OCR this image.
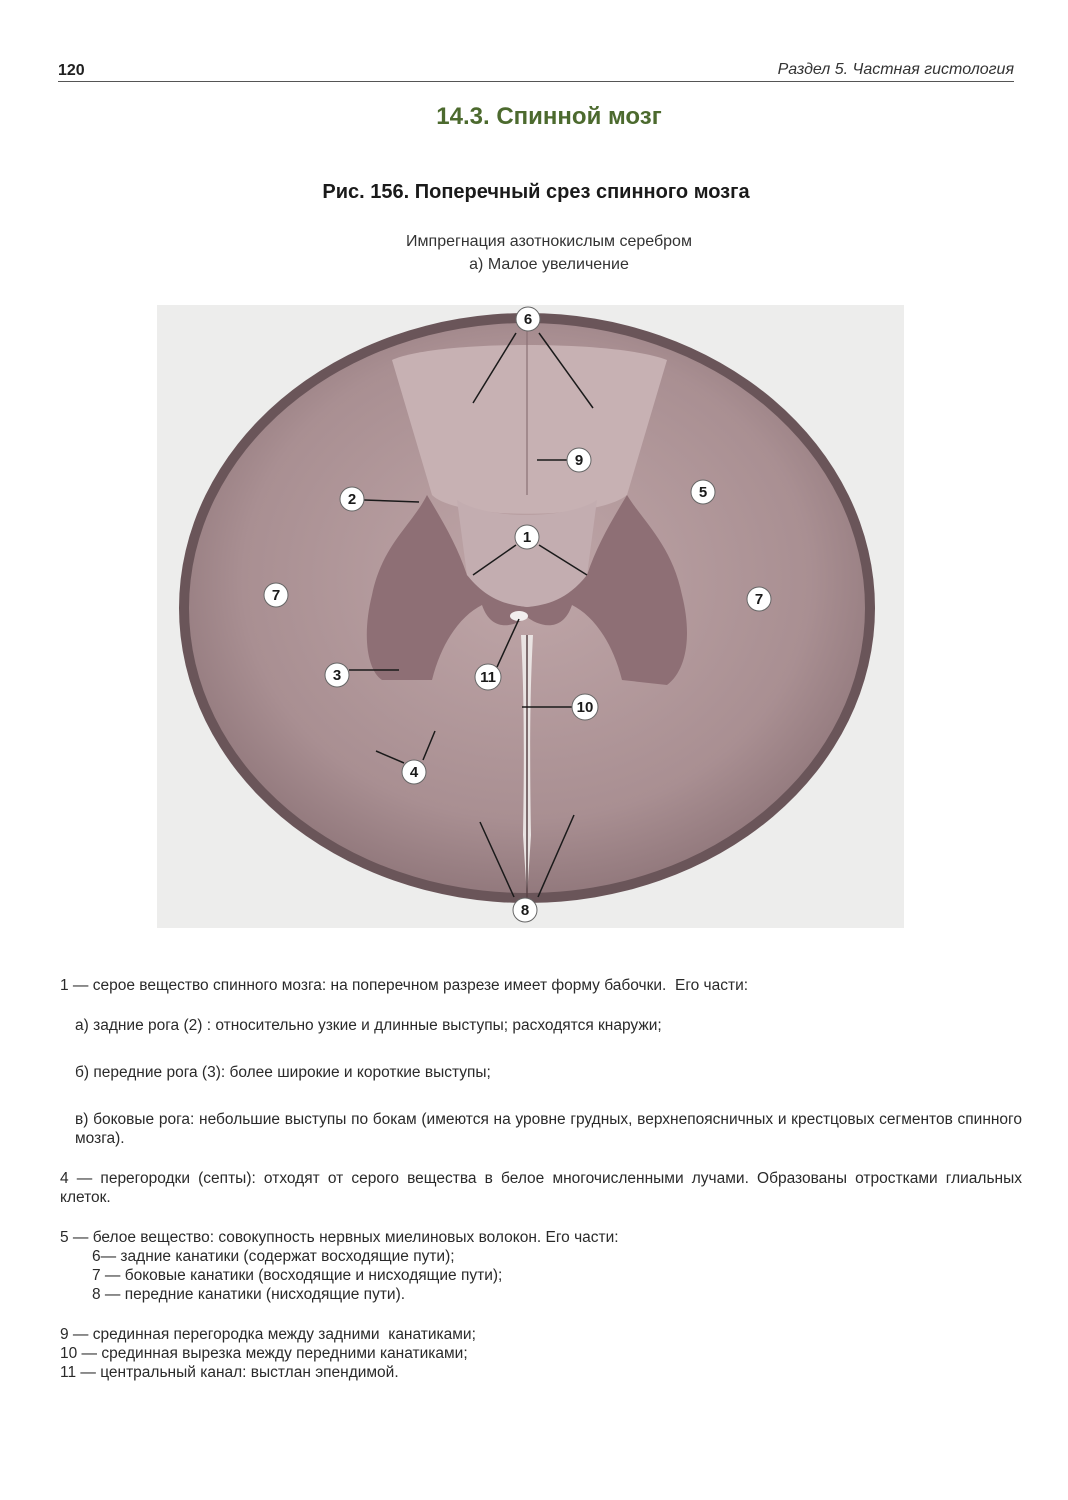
120	Раздел 5. Частная гистология
14.3. Спинной мозг
Рис. 156. Поперечный срез спинного мозга
Импрегнация азотнокислым серебром
а) Малое увеличение
6
9
2	5
1
7	7
3	11
10
4
8
1 — серое вещество спинного мозга: на поперечном разрезе имеет форму бабочки.  Его части:
а) задние рога (2) : относительно узкие и длинные выступы; расходятся кнаружи;
б) передние рога (3): более широкие и короткие выступы;
в) боковые рога: небольшие выступы по бокам (имеются на уровне грудных, верхнепоясничных и крестцовых сегментов спинного мозга).
4 — перегородки (септы): отходят от серого вещества в белое многочисленными лучами. Образованы отростками глиальных клеток.
5 — белое вещество: совокупность нервных миелиновых волокон. Его части:
6— задние канатики (содержат восходящие пути);
7 — боковые канатики (восходящие и нисходящие пути);
8 — передние канатики (нисходящие пути).
9 — срединная перегородка между задними  канатиками;
10 — срединная вырезка между передними канатиками;
11 — центральный канал: выстлан эпендимой.
